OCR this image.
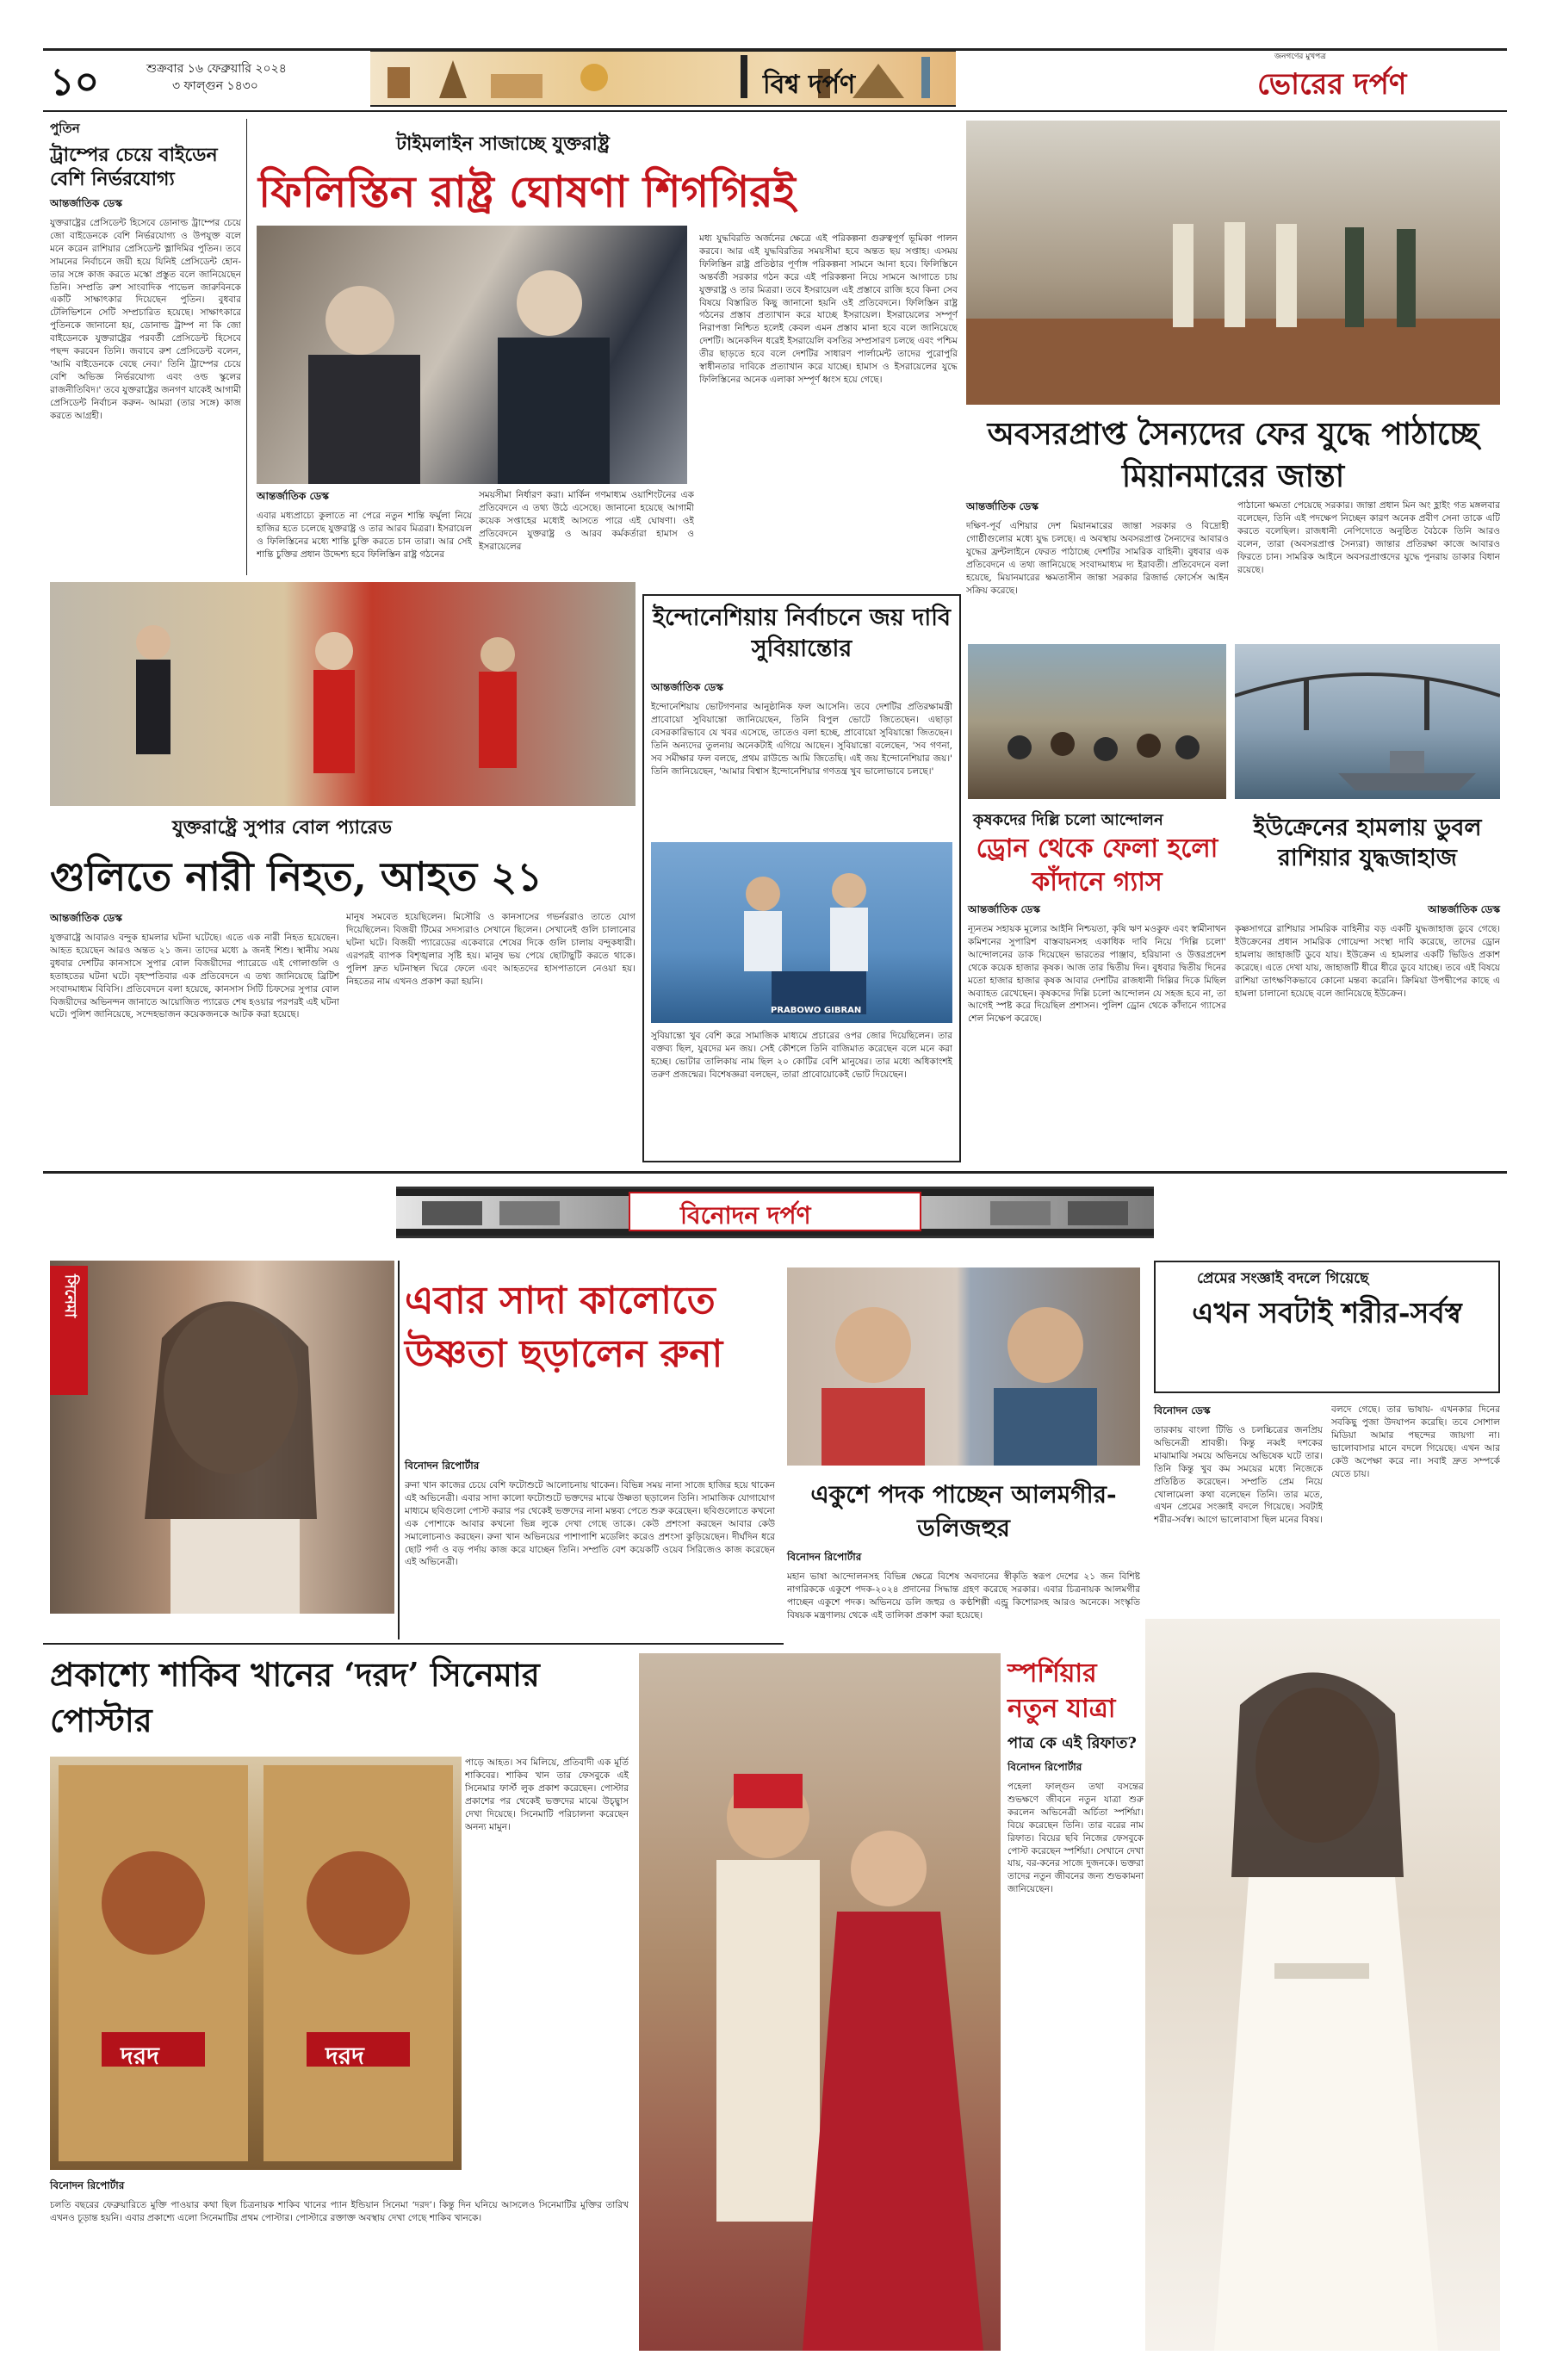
১০	শুক্রবার ১৬ ফেব্রুয়ারি ২০২৪
৩ ফাল্গুন ১৪৩০	বিশ্ব দর্পণ
জনগণের মুখপত্র
ভোরের দর্পণ
পুতিন
ট্রাম্পের চেয়ে বাইডেন বেশি নির্ভরযোগ্য
আন্তর্জাতিক ডেস্ক
যুক্তরাষ্ট্রের প্রেসিডেন্ট হিসেবে ডোনাল্ড ট্রাম্পের চেয়ে জো বাইডেনকে বেশি নির্ভরযোগ্য ও উপযুক্ত বলে মনে করেন রাশিয়ার প্রেসিডেন্ট ভ্লাদিমির পুতিন। তবে সামনের নির্বাচনে জয়ী হয়ে যিনিই প্রেসিডেন্ট হোন-তার সঙ্গে কাজ করতে মস্কো প্রস্তুত বলে জানিয়েছেন তিনি। সম্প্রতি রুশ সাংবাদিক পাভেল জারুবিনকে একটি সাক্ষাৎকার দিয়েছেন পুতিন। বুধবার টেলিভিশনে সেটি সম্প্রচারিত হয়েছে। সাক্ষাৎকারে পুতিনকে জানানো হয়, ডোনাল্ড ট্রাম্প না কি জো বাইডেনকে যুক্তরাষ্ট্রের পরবর্তী প্রেসিডেন্ট হিসেবে পছন্দ করবেন তিনি। জবাবে রুশ প্রেসিডেন্ট বলেন, 'আমি বাইডেনকে বেছে নেব।' তিনি ট্রাম্পের চেয়ে বেশি অভিজ্ঞ নির্ভরযোগ্য এবং ওল্ড স্কুলের রাজনীতিবিদ।' তবে যুক্তরাষ্ট্রের জনগণ যাকেই আগামী প্রেসিডেন্ট নির্বাচন করুন- আমরা (তার সঙ্গে) কাজ করতে আগ্রহী।
টাইমলাইন সাজাচ্ছে যুক্তরাষ্ট্র
ফিলিস্তিন রাষ্ট্র ঘোষণা শিগগিরই
মধ্য যুদ্ধবিরতি অর্জনের ক্ষেত্রে এই পরিকল্পনা গুরুত্বপূর্ণ ভূমিকা পালন করবে। আর এই যুদ্ধবিরতির সময়সীমা হবে অন্তত ছয় সপ্তাহ। এসময় ফিলিস্তিন রাষ্ট্র প্রতিষ্ঠার পূর্ণাঙ্গ পরিকল্পনা সামনে আনা হবে। ফিলিস্তিনে অন্তর্বর্তী সরকার গঠন করে এই পরিকল্পনা নিয়ে সামনে আগাতে চায় যুক্তরাষ্ট্র ও তার মিত্ররা। তবে ইসরায়েল এই প্রস্তাবে রাজি হবে কিনা সেব বিষয়ে বিস্তারিত কিছু জানানো হয়নি ওই প্রতিবেদনে। ফিলিস্তিন রাষ্ট্র গঠনের প্রস্তাব প্রত্যাখান করে যাচ্ছে ইসরায়েল। ইসরায়েলের সম্পূর্ণ নিরাপত্তা নিশ্চিত হলেই কেবল এমন প্রস্তাব মানা হবে বলে জানিয়েছে দেশটি। অনেকদিন ধরেই ইসরায়েলি বসতির সম্প্রসারণ চলছে এবং পশ্চিম তীর ছাড়তে হবে বলে দেশটির সাধারণ পার্লামেন্ট তাদের পুরোপুরি স্বাধীনতার দাবিকে প্রত্যাখান করে যাচ্ছে। হামাস ও ইসরায়েলের যুদ্ধে ফিলিস্তিনের অনেক এলাকা সম্পূর্ণ ধ্বংস হয়ে গেছে।
আন্তর্জাতিক ডেস্ক
এবার মধ্যপ্রাচ্যে কুলাতে না পেরে নতুন শান্তি ফর্মুলা নিয়ে হাজির হতে চলেছে যুক্তরাষ্ট্র ও তার আরব মিত্ররা। ইসরায়েল ও ফিলিস্তিনের মধ্যে শান্তি চুক্তি করতে চান তারা। আর সেই শান্তি চুক্তির প্রধান উদ্দেশ্য হবে ফিলিস্তিন রাষ্ট্র গঠনের
সময়সীমা নির্ধারণ করা। মার্কিন গণমাধ্যম ওয়াশিংটনের এক প্রতিবেদনে এ তথ্য উঠে এসেছে। জানানো হয়েছে আগামী কয়েক সপ্তাহের মধ্যেই আসতে পারে এই ঘোষণা। ওই প্রতিবেদনে যুক্তরাষ্ট্র ও আরব কর্মকর্তারা হামাস ও ইসরায়েলের
অবসরপ্রাপ্ত সৈন্যদের ফের যুদ্ধে পাঠাচ্ছে মিয়ানমারের জান্তা
আন্তর্জাতিক ডেস্ক
দক্ষিণ-পূর্ব এশিয়ার দেশ মিয়ানমারের জান্তা সরকার ও বিদ্রোহী গোষ্ঠীগুলোর মধ্যে যুদ্ধ চলছে। এ অবস্থায় অবসরপ্রাপ্ত সৈন্যদের আবারও যুদ্ধের ফ্রন্টলাইনে ফেরত পাঠাচ্ছে দেশটির সামরিক বাহিনী। বুধবার এক প্রতিবেদনে এ তথ্য জানিয়েছে সংবাদমাধ্যম দ্য ইরাবতী। প্রতিবেদনে বলা হয়েছে, মিয়ানমারের ক্ষমতাসীন জান্তা সরকার রিজার্ভ ফোর্সেস আইন সক্রিয় করেছে।
পাঠানো ক্ষমতা পেয়েছে সরকার। জান্তা প্রধান মিন অং হ্লাইং গত মঙ্গলবার বলেছেন, তিনি এই পদক্ষেপ নিচ্ছেন কারণ অনেক প্রবীণ সেনা তাকে এটি করতে বলেছিল। রাজধানী নেপিদোতে অনুষ্ঠিত বৈঠকে তিনি আরও বলেন, তারা (অবসরপ্রাপ্ত সৈন্যরা) জান্তার প্রতিরক্ষা কাজে আবারও ফিরতে চান। সামরিক আইনে অবসরপ্রাপ্তদের যুদ্ধে পুনরায় ডাকার বিধান রয়েছে।
যুক্তরাষ্ট্রে সুপার বোল প্যারেড
গুলিতে নারী নিহত, আহত ২১
আন্তর্জাতিক ডেস্ক
যুক্তরাষ্ট্রে আবারও বন্দুক হামলার ঘটনা ঘটেছে। এতে এক নারী নিহত হয়েছেন। আহত হয়েছেন আরও অন্তত ২১ জন। তাদের মধ্যে ৯ জনই শিশু। স্থানীয় সময় বুধবার দেশটির কানসাসে সুপার বোল বিজয়ীদের প্যারেডে এই গোলাগুলি ও হতাহতের ঘটনা ঘটে। বৃহস্পতিবার এক প্রতিবেদনে এ তথ্য জানিয়েছে ব্রিটিশ সংবাদমাধ্যম বিবিসি। প্রতিবেদনে বলা হয়েছে, কানসাস সিটি চিফসের সুপার বোল বিজয়ীদের অভিনন্দন জানাতে আয়োজিত প্যারেড শেষ হওয়ার পরপরই এই ঘটনা ঘটে। পুলিশ জানিয়েছে, সন্দেহভাজন কয়েকজনকে আটক করা হয়েছে।
মানুষ সমবেত হয়েছিলেন। মিসৌরি ও কানসাসের গভর্নররাও তাতে যোগ দিয়েছিলেন। বিজয়ী টিমের সদস্যরাও সেখানে ছিলেন। সেখানেই গুলি চালানোর ঘটনা ঘটে। বিজয়ী প্যারেডের একেবারে শেষের দিকে গুলি চালায় বন্দুকধারী। এরপরই ব্যাপক বিশৃঙ্খলার সৃষ্টি হয়। মানুষ ভয় পেয়ে ছোটাছুটি করতে থাকে। পুলিশ দ্রুত ঘটনাস্থল ঘিরে ফেলে এবং আহতদের হাসপাতালে নেওয়া হয়। নিহতের নাম এখনও প্রকাশ করা হয়নি।
ইন্দোনেশিয়ায় নির্বাচনে জয় দাবি সুবিয়ান্তোর
আন্তর্জাতিক ডেস্ক
ইন্দোনেশিয়ায় ভোটগণনার আনুষ্ঠানিক ফল আসেনি। তবে দেশটির প্রতিরক্ষামন্ত্রী প্রাবোয়ো সুবিয়ান্তো জানিয়েছেন, তিনি বিপুল ভোটে জিতেছেন। এছাড়া বেসরকারিভাবে যে খবর এসেছে, তাতেও বলা হচ্ছে, প্রাবোয়ো সুবিয়ান্তো জিতছেন। তিনি অন্যদের তুলনায় অনেকটাই এগিয়ে আছেন। সুবিয়ান্তো বলেছেন, 'সব গণনা, সব সমীক্ষার ফল বলছে, প্রথম রাউন্ডে আমি জিতেছি। এই জয় ইন্দোনেশিয়ার জয়।' তিনি জানিয়েছেন, 'আমার বিশ্বাস ইন্দোনেশিয়ার গণতন্ত্র খুব ভালোভাবে চলছে।'
PRABOWO GIBRAN
সুবিয়ান্তো খুব বেশি করে সামাজিক মাধ্যমে প্রচারের ওপর জোর দিয়েছিলেন। তার বক্তব্য ছিল, যুবদের মন জয়। সেই কৌশলে তিনি বাজিমাত করেছেন বলে মনে করা হচ্ছে। ভোটার তালিকায় নাম ছিল ২০ কোটির বেশি মানুষের। তার মধ্যে অধিকাংশই তরুণ প্রজন্মের। বিশেষজ্ঞরা বলছেন, তারা প্রাবোয়োকেই ভোট দিয়েছেন।
কৃষকদের দিল্লি চলো আন্দোলন
ড্রোন থেকে ফেলা হলো কাঁদানে গ্যাস
আন্তর্জাতিক ডেস্ক
ন্যূনতম সহায়ক মূল্যের আইনি নিশ্চয়তা, কৃষি ঋণ মওকুফ এবং স্বামীনাথন কমিশনের সুপারিশ বাস্তবায়নসহ একাধিক দাবি নিয়ে 'দিল্লি চলো' আন্দোলনের ডাক দিয়েছেন ভারতের পাঞ্জাব, হরিয়ানা ও উত্তরপ্রদেশ থেকে কয়েক হাজার কৃষক। আজ তার দ্বিতীয় দিন। বুধবার দ্বিতীয় দিনের মতো হাজার হাজার কৃষক আবার দেশটির রাজধানী দিল্লির দিকে মিছিল অব্যাহত রেখেছেন। কৃষকদের দিল্লি চলো আন্দোলন যে সহজ হবে না, তা আগেই স্পষ্ট করে দিয়েছিল প্রশাসন। পুলিশ ড্রোন থেকে কাঁদানে গ্যাসের শেল নিক্ষেপ করেছে।
ইউক্রেনের হামলায় ডুবল রাশিয়ার যুদ্ধজাহাজ
আন্তর্জাতিক ডেস্ক
কৃষ্ণসাগরে রাশিয়ার সামরিক বাহিনীর বড় একটি যুদ্ধজাহাজ ডুবে গেছে। ইউক্রেনের প্রধান সামরিক গোয়েন্দা সংস্থা দাবি করেছে, তাদের ড্রোন হামলায় জাহাজটি ডুবে যায়। ইউক্রেন এ হামলার একটি ভিডিও প্রকাশ করেছে। এতে দেখা যায়, জাহাজটি ধীরে ধীরে ডুবে যাচ্ছে। তবে এই বিষয়ে রাশিয়া তাৎক্ষণিকভাবে কোনো মন্তব্য করেনি। ক্রিমিয়া উপদ্বীপের কাছে এ হামলা চালানো হয়েছে বলে জানিয়েছে ইউক্রেন।
বিনোদন দর্পণ
সিনেমা	এবার সাদা কালোতে উষ্ণতা ছড়ালেন রুনা
বিনোদন রিপোর্টার
রুনা খান কাজের চেয়ে বেশি ফটোশুটে আলোচনায় থাকেন। বিভিন্ন সময় নানা সাজে হাজির হয়ে থাকেন এই অভিনেত্রী। এবার সাদা কালো ফটোশুটে ভক্তদের মাঝে উষ্ণতা ছড়ালেন তিনি। সামাজিক যোগাযোগ মাধ্যমে ছবিগুলো পোস্ট করার পর থেকেই ভক্তদের নানা মন্তব্য পেতে শুরু করেছেন। ছবিগুলোতে কখনো এক পোশাকে আবার কখনো ভিন্ন লুকে দেখা গেছে তাকে। কেউ প্রশংসা করছেন আবার কেউ সমালোচনাও করছেন। রুনা খান অভিনয়ের পাশাপাশি মডেলিং করেও প্রশংসা কুড়িয়েছেন। দীর্ঘদিন ধরে ছোট পর্দা ও বড় পর্দায় কাজ করে যাচ্ছেন তিনি। সম্প্রতি বেশ কয়েকটি ওয়েব সিরিজেও কাজ করেছেন এই অভিনেত্রী।
একুশে পদক পাচ্ছেন আলমগীর-ডলিজহুর
বিনোদন রিপোর্টার
মহান ভাষা আন্দোলনসহ বিভিন্ন ক্ষেত্রে বিশেষ অবদানের স্বীকৃতি স্বরূপ দেশের ২১ জন বিশিষ্ট নাগরিককে একুশে পদক-২০২৪ প্রদানের সিদ্ধান্ত গ্রহণ করেছে সরকার। এবার চিত্রনায়ক আলমগীর পাচ্ছেন একুশে পদক। অভিনয়ে ডলি জহুর ও কণ্ঠশিল্পী এন্ড্রু কিশোরসহ আরও অনেকে। সংস্কৃতি বিষয়ক মন্ত্রণালয় থেকে এই তালিকা প্রকাশ করা হয়েছে।
প্রেমের সংজ্ঞাই বদলে গিয়েছে
এখন সবটাই শরীর-সর্বস্ব
বিনোদন ডেস্ক
তারকায় বাংলা টিভি ও চলচ্চিত্রের জনপ্রিয় অভিনেত্রী শ্রাবন্তী। কিন্তু নব্বই দশকের মাঝামাঝি সময়ে অভিনয়ে অভিষেক ঘটে তার। তিনি কিন্তু খুব কম সময়ের মধ্যে নিজেকে প্রতিষ্ঠিত করেছেন। সম্প্রতি প্রেম নিয়ে খোলামেলা কথা বলেছেন তিনি। তার মতে, এখন প্রেমের সংজ্ঞাই বদলে গিয়েছে। সবটাই শরীর-সর্বস্ব। আগে ভালোবাসা ছিল মনের বিষয়।
বলদে গেছে। তার ভাষায়- এখনকার দিনের সবকিছু পুজা উদযাপন করেছি। তবে সোশাল মিডিয়া আমার পছন্দের জায়গা না। ভালোবাসার মানে বদলে গিয়েছে। এখন আর কেউ অপেক্ষা করে না। সবাই দ্রুত সম্পর্কে যেতে চায়।
প্রকাশ্যে শাকিব খানের ‘দরদ’ সিনেমার পোস্টার
দরদ	দরদ
পাড়ে আহত। সব মিলিয়ে, প্রতিবাদী এক মূর্তি শাকিবের। শাকিব খান তার ফেসবুকে এই সিনেমার ফার্স্ট লুক প্রকাশ করেছেন। পোস্টার প্রকাশের পর থেকেই ভক্তদের মাঝে উচ্ছ্বাস দেখা দিয়েছে। সিনেমাটি পরিচালনা করেছেন অনন্য মামুন।
বিনোদন রিপোর্টার
চলতি বছরের ফেব্রুয়ারিতে মুক্তি পাওয়ার কথা ছিল চিত্রনায়ক শাকিব খানের প্যান ইন্ডিয়ান সিনেমা ‘দরদ’। কিন্তু দিন ঘনিয়ে আসলেও সিনেমাটির মুক্তির তারিখ এখনও চূড়ান্ত হয়নি। এবার প্রকাশ্যে এলো সিনেমাটির প্রথম পোস্টার। পোস্টারে রক্তাক্ত অবস্থায় দেখা গেছে শাকিব খানকে।
স্পর্শিয়ার নতুন যাত্রা
পাত্র কে এই রিফাত?
বিনোদন রিপোর্টার
পহেলা ফাল্গুন তথা বসন্তের শুভক্ষণে জীবনে নতুন যাত্রা শুরু করলেন অভিনেত্রী অর্চিতা স্পর্শিয়া। বিয়ে করেছেন তিনি। তার বরের নাম রিফাত। বিয়ের ছবি নিজের ফেসবুকে পোস্ট করেছেন স্পর্শিয়া। সেখানে দেখা যায়, বর-কনের সাজে দুজনকে। ভক্তরা তাদের নতুন জীবনের জন্য শুভকামনা জানিয়েছেন।
